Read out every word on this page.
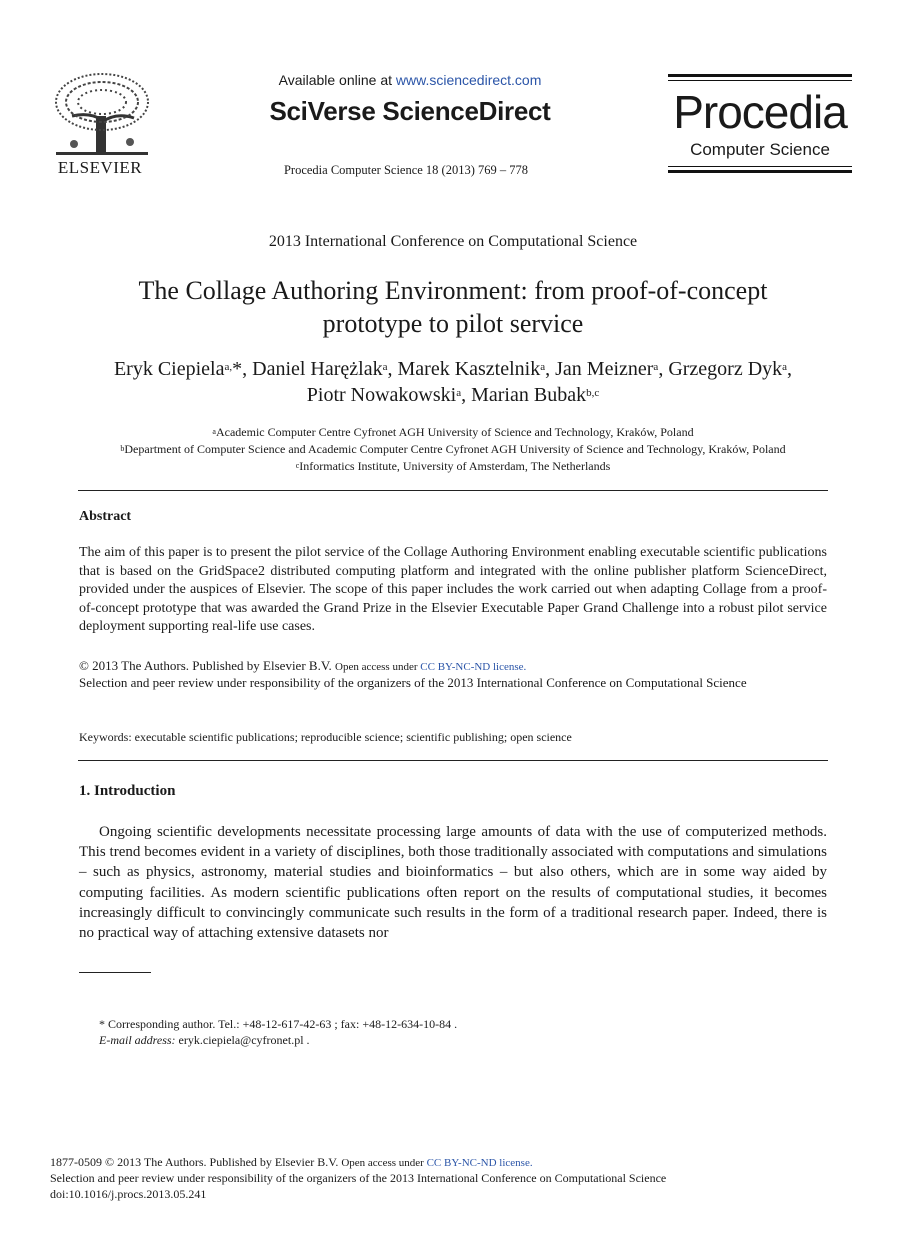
ELSEVIER
Available online at www.sciencedirect.com
SciVerse ScienceDirect
Procedia Computer Science 18 (2013) 769 – 778
Procedia
Computer Science
2013 International Conference on Computational Science
The Collage Authoring Environment: from proof-of-concept
prototype to pilot service
Eryk Ciepiela$^{a,}$*, Daniel Harężlak$^a$, Marek Kasztelnik$^a$, Jan Meizner$^a$, Grzegorz Dyk$^a$,
Piotr Nowakowski$^a$, Marian Bubak$^{b,c}$
$^a$Academic Computer Centre Cyfronet AGH University of Science and Technology, Kraków, Poland
$^b$Department of Computer Science and Academic Computer Centre Cyfronet AGH University of Science and Technology, Kraków, Poland
$^c$Informatics Institute, University of Amsterdam, The Netherlands
Abstract
The aim of this paper is to present the pilot service of the Collage Authoring Environment enabling executable scientific publications that is based on the GridSpace2 distributed computing platform and integrated with the online publisher platform ScienceDirect, provided under the auspices of Elsevier. The scope of this paper includes the work carried out when adapting Collage from a proof-of-concept prototype that was awarded the Grand Prize in the Elsevier Executable Paper Grand Challenge into a robust pilot service deployment supporting real-life use cases.
© 2013 The Authors. Published by Elsevier B.V. Open access under CC BY-NC-ND license.
Selection and peer review under responsibility of the organizers of the 2013 International Conference on Computational Science
Keywords: executable scientific publications; reproducible science; scientific publishing; open science
1. Introduction

Ongoing scientific developments necessitate processing large amounts of data with the use of computerized methods. This trend becomes evident in a variety of disciplines, both those traditionally associated with computations and simulations – such as physics, astronomy, material studies and bioinformatics – but also others, which are in some way aided by computing facilities. As modern scientific publications often report on the results of computational studies, it becomes increasingly difficult to convincingly communicate such results in the form of a traditional research paper. Indeed, there is no practical way of attaching extensive datasets nor

* Corresponding author. Tel.: +48-12-617-42-63 ; fax: +48-12-634-10-84 .
E-mail address: eryk.ciepiela@cyfronet.pl .
1877-0509 © 2013 The Authors. Published by Elsevier B.V. Open access under CC BY-NC-ND license.
Selection and peer review under responsibility of the organizers of the 2013 International Conference on Computational Science
doi:10.1016/j.procs.2013.05.241
